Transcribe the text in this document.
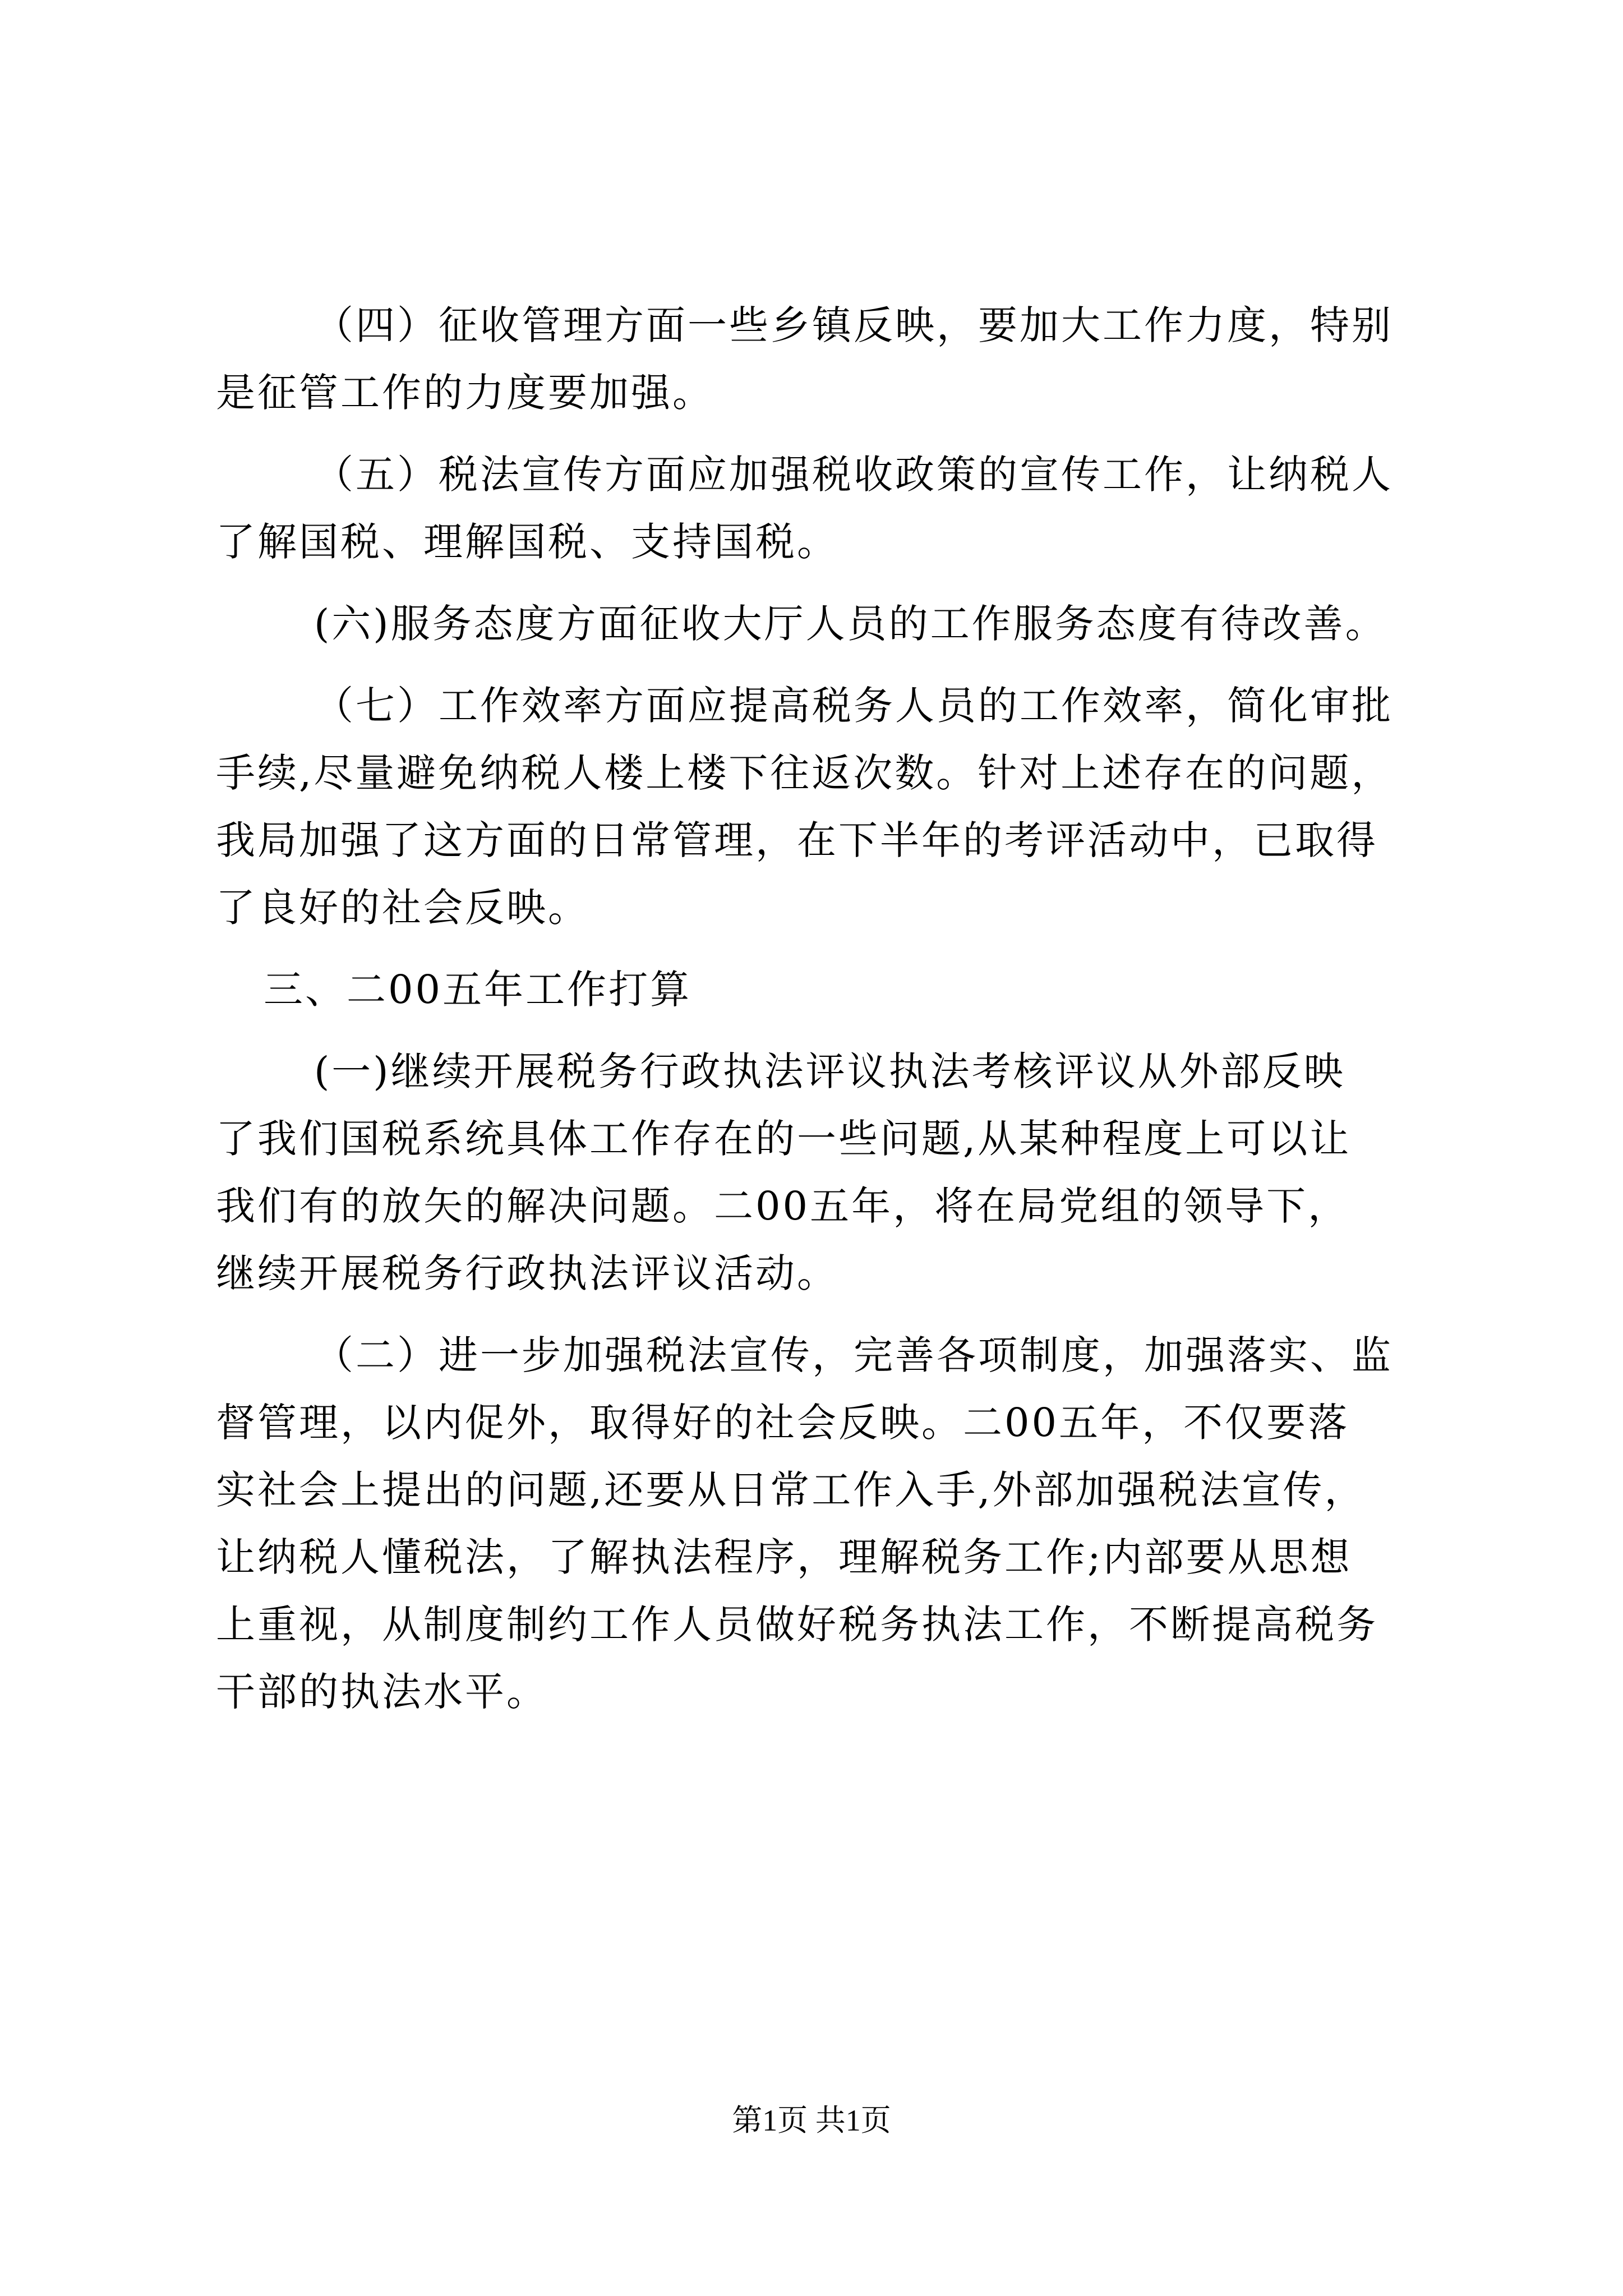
（四）征收管理方面一些乡镇反映，要加大工作力度，特别
是征管工作的力度要加强。
（五）税法宣传方面应加强税收政策的宣传工作，让纳税人
了解国税、理解国税、支持国税。
(六)服务态度方面征收大厅人员的工作服务态度有待改善。
（七）工作效率方面应提高税务人员的工作效率，简化审批
手续,尽量避免纳税人楼上楼下往返次数。针对上述存在的问题，
我局加强了这方面的日常管理，在下半年的考评活动中，已取得
了良好的社会反映。
三、二00五年工作打算
(一)继续开展税务行政执法评议执法考核评议从外部反映
了我们国税系统具体工作存在的一些问题,从某种程度上可以让
我们有的放矢的解决问题。二00五年，将在局党组的领导下，
继续开展税务行政执法评议活动。
（二）进一步加强税法宣传，完善各项制度，加强落实、监
督管理，以内促外，取得好的社会反映。二00五年，不仅要落
实社会上提出的问题,还要从日常工作入手,外部加强税法宣传，
让纳税人懂税法，了解执法程序，理解税务工作;内部要从思想
上重视，从制度制约工作人员做好税务执法工作，不断提高税务
干部的执法水平。
第1页 共1页
